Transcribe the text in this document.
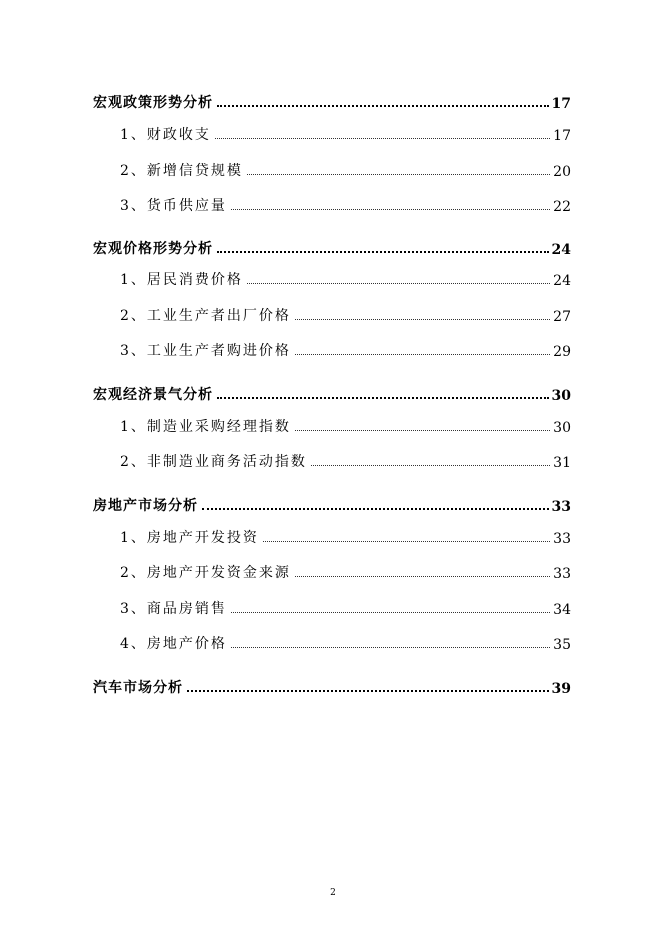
宏观政策形势分析	17
1、财政收支	17
2、新增信贷规模	20
3、货币供应量	22
宏观价格形势分析	24
1、居民消费价格	24
2、工业生产者出厂价格	27
3、工业生产者购进价格	29
宏观经济景气分析	30
1、制造业采购经理指数	30
2、非制造业商务活动指数	31
房地产市场分析	33
1、房地产开发投资	33
2、房地产开发资金来源	33
3、商品房销售	34
4、房地产价格	35
汽车市场分析	39
2
